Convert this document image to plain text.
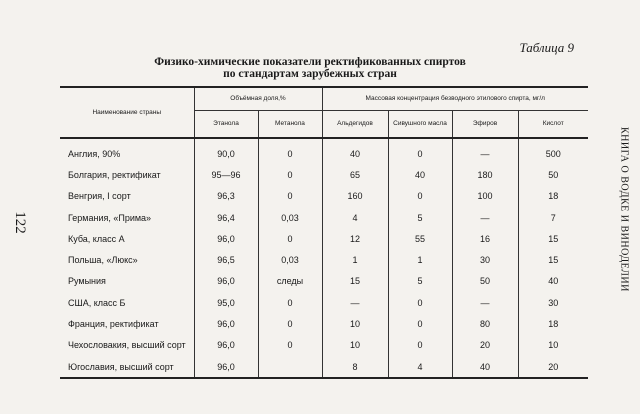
Таблица 9
Физико-химические показатели ректификованных спиртов
по стандартам зарубежных стран
122	КНИГА О ВОДКЕ И ВИНОДЕЛИИ
Наименование страны	Объёмная доля,%		Массовая концентрация безводного этилового спирта, мг/л			
	Этанола	Метанола	Альдегидов	Сивушного масла	Эфиров	Кислот
Англия, 90%	90,0	0	40	0	—	500
Болгария, ректификат	95—96	0	65	40	180	50
Венгрия, I сорт	96,3	0	160	0	100	18
Германия, «Прима»	96,4	0,03	4	5	—	7
Куба, класс А	96,0	0	12	55	16	15
Польша, «Люкс»	96,5	0,03	1	1	30	15
Румыния	96,0	следы	15	5	50	40
США, класс Б	95,0	0	—	0	—	30
Франция, ректификат	96,0	0	10	0	80	18
Чехословакия, высший сорт	96,0	0	10	0	20	10
Югославия, высший сорт	96,0		8	4	40	20
